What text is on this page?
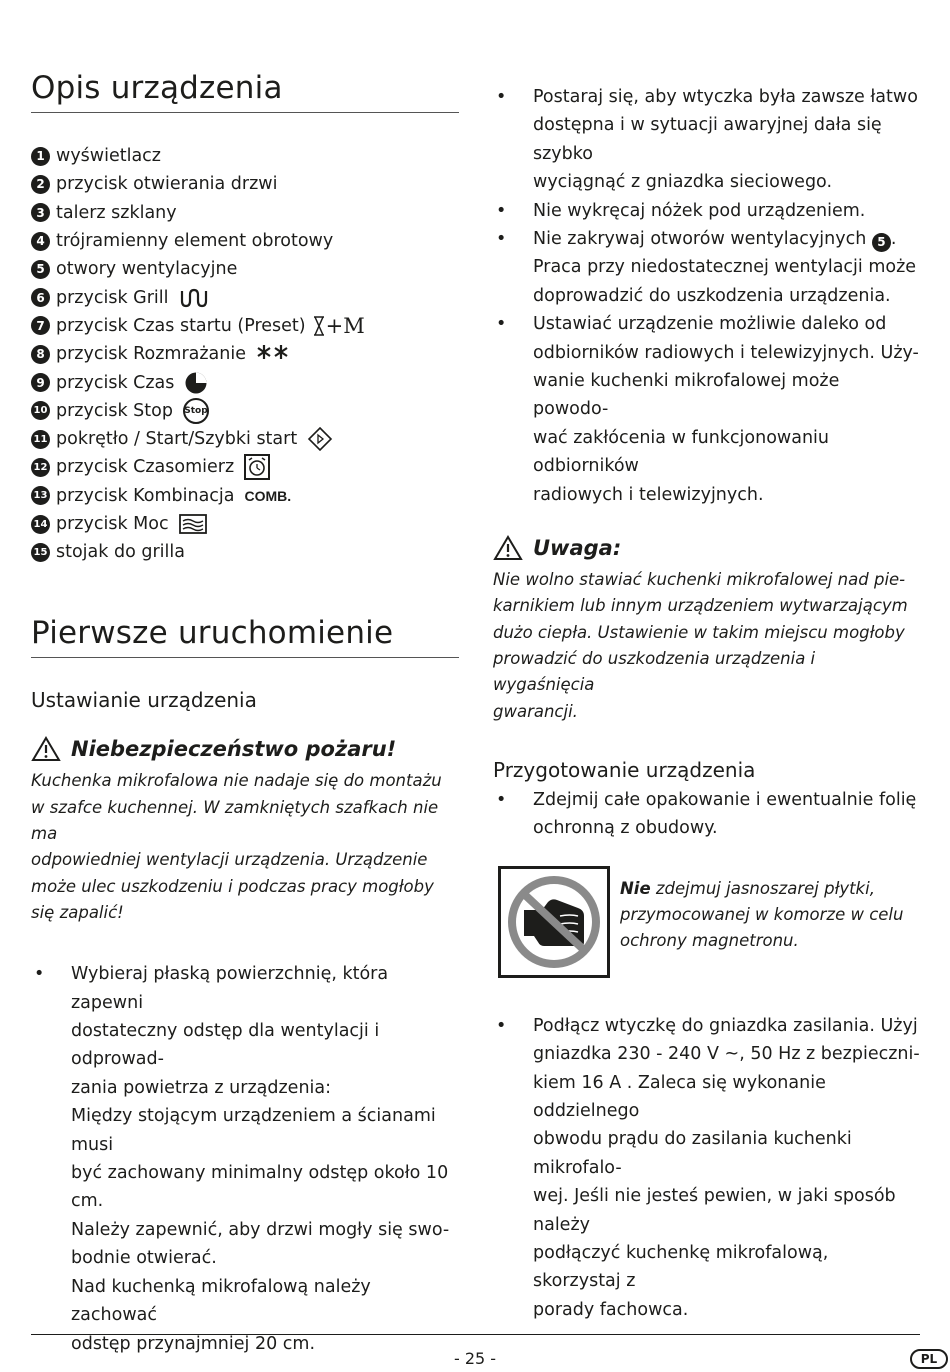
Opis urządzenia
1 wyświetlacz
2 przycisk otwierania drzwi
3 talerz szklany
4 trójramienny element obrotowy
5 otwory wentylacyjne
6 przycisk Grill
7 przycisk Czas startu (Preset) +M
8 przycisk Rozmrażanie
9 przycisk Czas
10 przycisk Stop Stop
11 pokrętło / Start/Szybki start
12 przycisk Czasomierz
13 przycisk Kombinacja COMB.
14 przycisk Moc
15 stojak do grilla
Pierwsze uruchomienie
Ustawianie urządzenia
Niebezpieczeństwo pożaru!
Kuchenka mikrofalowa nie nadaje się do montażu
w szafce kuchennej. W zamkniętych szafkach nie ma
odpowiedniej wentylacji urządzenia. Urządzenie
może ulec uszkodzeniu i podczas pracy mogłoby
się zapalić!
• Wybieraj płaską powierzchnię, która zapewni
dostateczny odstęp dla wentylacji i odprowad-
zania powietrza z urządzenia:
Między stojącym urządzeniem a ścianami musi
być zachowany minimalny odstęp około 10 cm.
Należy zapewnić, aby drzwi mogły się swo-
bodnie otwierać.
Nad kuchenką mikrofalową należy zachować
odstęp przynajmniej 20 cm.
• Postaraj się, aby wtyczka była zawsze łatwo
dostępna i w sytuacji awaryjnej dała się szybko
wyciągnąć z gniazdka sieciowego.
• Nie wykręcaj nóżek pod urządzeniem.
• Nie zakrywaj otworów wentylacyjnych 5 .
Praca przy niedostatecznej wentylacji może
doprowadzić do uszkodzenia urządzenia.
• Ustawiać urządzenie możliwie daleko od
odbiorników radiowych i telewizyjnych. Uży-
wanie kuchenki mikrofalowej może powodo-
wać zakłócenia w funkcjonowaniu odbiorników
radiowych i telewizyjnych.
Uwaga:
Nie wolno stawiać kuchenki mikrofalowej nad pie-
karnikiem lub innym urządzeniem wytwarzającym
dużo ciepła. Ustawienie w takim miejscu mogłoby
prowadzić do uszkodzenia urządzenia i wygaśnięcia
gwarancji.
Przygotowanie urządzenia
• Zdejmij całe opakowanie i ewentualnie folię
ochronną z obudowy.
Nie zdejmuj jasnoszarej płytki,
przymocowanej w komorze w celu
ochrony magnetronu.
• Podłącz wtyczkę do gniazdka zasilania. Użyj
gniazdka 230 - 240 V ~, 50 Hz z bezpieczni-
kiem 16 A . Zaleca się wykonanie oddzielnego
obwodu prądu do zasilania kuchenki mikrofalo-
wej. Jeśli nie jesteś pewien, w jaki sposób należy
podłączyć kuchenkę mikrofalową, skorzystaj z
porady fachowca.
- 25 -	PL
